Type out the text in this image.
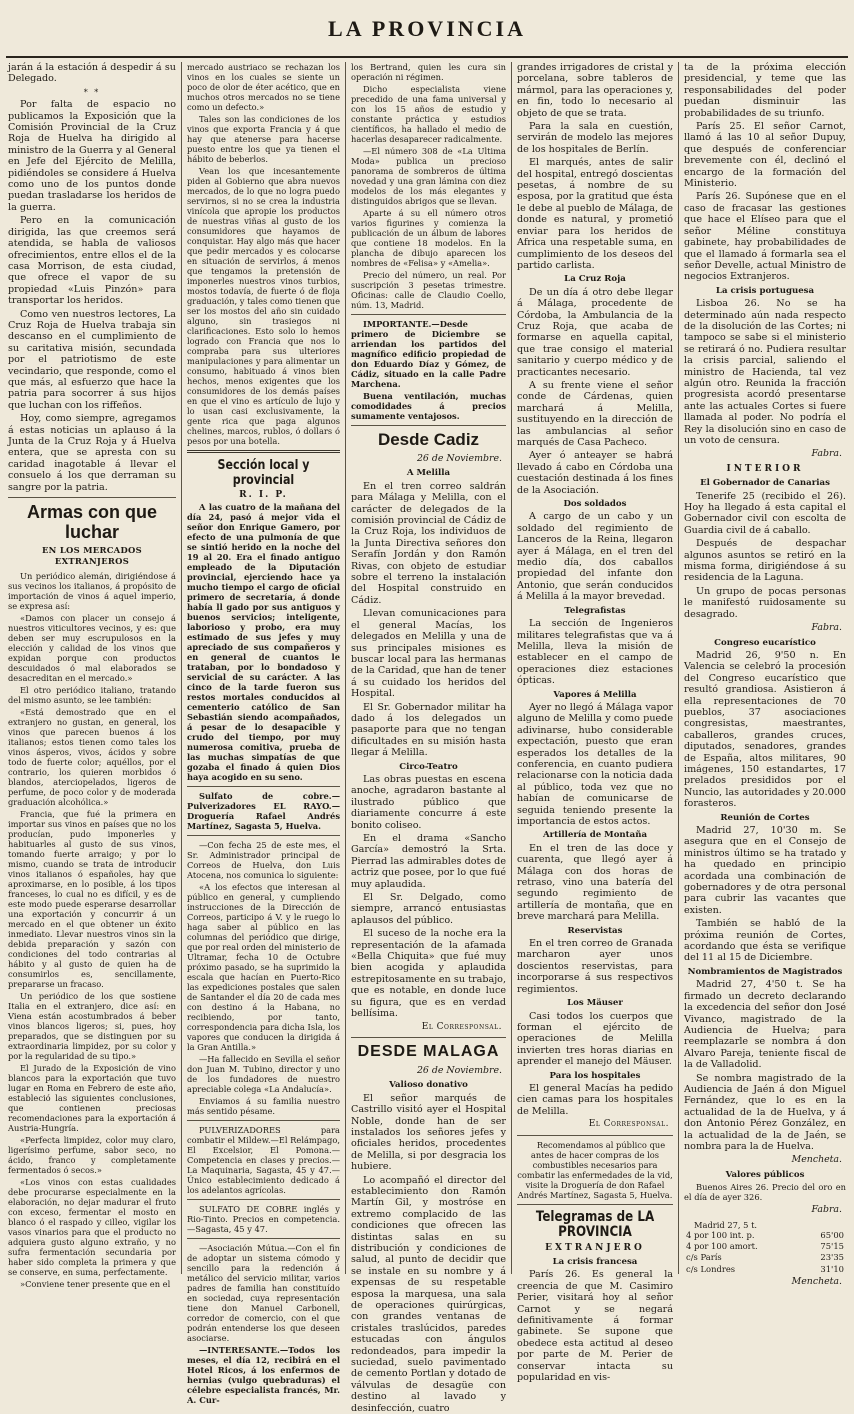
LA PROVINCIA

jarán á la estación á despedir á su Delegado.

* *

Por falta de espacio no publicamos la Exposición que la Comisión Provincial de la Cruz Roja de Huelva ha dirigido al ministro de la Guerra y al General en Jefe del Ejército de Melilla, pidiéndoles se considere á Huelva como uno de los puntos donde puedan trasladarse los heridos de la guerra.

Pero en la comunicación dirigida, las que creemos será atendida, se habla de valiosos ofrecimientos, entre ellos el de la casa Morrison, de esta ciudad, que ofrece el vapor de su propiedad «Luis Pinzón» para transportar los heridos.

Como ven nuestros lectores, La Cruz Roja de Huelva trabaja sin descanso en el cumplimiento de su caritativa misión, secundada por el patriotismo de este vecindario, que responde, como el que más, al esfuerzo que hace la patria para socorrer á sus hijos que luchan con los riffeños.

Hoy, como siempre, agregamos á estas noticias un aplauso á la Junta de la Cruz Roja y á Huelva entera, que se apresta con su caridad inagotable á llevar el consuelo á los que derraman su sangre por la patria.

Armas con que luchar
EN LOS MERCADOS EXTRANJEROS

Un periódico alemán, dirigiéndose á sus vecinos los italianos, á propósito de importación de vinos á aquel imperio, se expresa así:

«Damos con placer un consejo á nuestros viticultores vecinos, y es: que deben ser muy escrupulosos en la elección y calidad de los vinos que expidan porque con productos descuidados ó mal elaborados se desacreditan en el mercado.»

El otro periódico italiano, tratando del mismo asunto, se lee también:

«Está demostrado que en el extranjero no gustan, en general, los vinos que parecen buenos á los italianos; estos tienen como tales los vinos ásperos, vivos, ácidos y sobre todo de fuerte color; aquéllos, por el contrario, los quieren morbidos ó blandos, aterciopelados, ligeros de perfume, de poco color y de moderada graduación alcohólica.»

Francia, que fué la primera en importar sus vinos en países que no los producían, pudo imponerles y habituarles al gusto de sus vinos, tomando fuerte arraigo; y por lo mismo, cuando se trata de introducir vinos italianos ó españoles, hay que aproximarse, en lo posible, á los tipos franceses, lo cual no es difícil, y es de este modo puede esperarse desarrollar una exportación y concurrir á un mercado en el que obtener un éxito inmediato. Llevar nuestros vinos sin la debida preparación y sazón con condiciones del todo contrarias al hábito y al gusto de quien ha de consumirlos es, sencillamente, prepararse un fracaso.

Un periódico de los que sostiene Italia en el extranjero, dice así: en Viena están acostumbrados á beber vinos blancos ligeros; si, pues, hoy preparados, que se distinguen por su extraordinaria limpidez, por su color y por la regularidad de su tipo.»

El Jurado de la Exposición de vino blancos para la exportación que tuvo lugar en Roma en Febrero de este año, estableció las siguientes conclusiones, que contienen preciosas recomendaciones para la exportación á Austria-Hungría.

«Perfecta limpidez, color muy claro, ligerísimo perfume, sabor seco, no ácido, franco y completamente fermentados ó secos.»

«Los vinos con estas cualidades debe procurarse especialmente en la elaboración, no dejar madurar el fruto con exceso, fermentar el mosto en blanco ó el raspado y cilleo, vigilar los vasos vinarios para que el producto no adquiera gusto alguno extraño, y no sufra fermentación secundaria por haber sido completa la primera y que se conserve, en suma, perfectamente.

»Conviene tener presente que en el

mercado austriaco se rechazan los vinos en los cuales se siente un poco de olor de éter acético, que en muchos otros mercados no se tiene como un defecto.»

Tales son las condiciones de los vinos que exporta Francia y á que hay que atenerse para hacerse puesto entre los que ya tienen el hábito de beberlos.

Vean los que incesantemente piden al Gobierno que abra nuevos mercados, de lo que no logra puedo servirnos, si no se crea la industria vinícola que apropie los productos de nuestras viñas al gusto de los consumidores que hayamos de conquistar. Hay algo más que hacer que pedir mercados y es colocarse en situación de servirlos, á menos que tengamos la pretensión de imponerles nuestros vinos turbios, mostos todavía, de fuerte ó de floja graduación, y tales como tienen que ser los mostos del año sin cuidado alguno, sin trasiegos ni clarificaciones. Esto solo lo hemos logrado con Francia que nos lo compraba para sus ulteriores manipulaciones y para alimentar un consumo, habituado á vinos bien hechos, menos exigentes que los consumidores de los demás países en que el vino es artículo de lujo y lo usan casi exclusivamente, la gente rica que paga algunos chelines, marcos, rublos, ó dollars ó pesos por una botella.

Sección local y provincial
R. I. P.

A las cuatro de la mañana del día 24, pasó á mejor vida el señor don Enrique Gamero, por efecto de una pulmonía de que se sintió herido en la noche del 19 al 20. Era el finado antiguo empleado de la Diputación provincial, ejerciendo hace ya mucho tiempo el cargo de oficial primero de secretaría, á donde había ll gado por sus antiguos y buenos servicios; inteligente, laborioso y probo, era muy estimado de sus jefes y muy apreciado de sus compañeros y en general de cuantos le trataban, por lo bondadoso y servicial de su carácter. A las cinco de la tarde fueron sus restos mortales conducidos al cementerio católico de San Sebastián siendo acompañados, á pesar de lo desapacible y crudo del tiempo, por muy numerosa comitiva, prueba de las muchas simpatías de que gozaba el finado á quien Dios haya acogido en su seno.

Sulfato de cobre.—Pulverizadores EL RAYO.—Droguería Rafael Andrés Martínez, Sagasta 5, Huelva.

—Con fecha 25 de este mes, el Sr. Administrador principal de Correos de Huelva, don Luis Atocena, nos comunica lo siguiente:

«A los efectos que interesan al público en general, y cumpliendo instrucciones de la Dirección de Correos, participo á V. y le ruego lo haga saber al público en las columnas del periódico que dirige, que por real orden del ministerio de Ultramar, fecha 10 de Octubre próximo pasado, se ha suprimido la escala que hacían en Puerto-Rico las expediciones postales que salen de Santander el día 20 de cada mes con destino á la Habana, no recibiendo, por tanto, correspondencia para dicha Isla, los vapores que conducen la dirigida á la Gran Antilla.»

—Ha fallecido en Sevilla el señor don Juan M. Tubino, director y uno de los fundadores de nuestro apreciable colega «La Andalucía».

Enviamos á su familia nuestro más sentido pésame.

PULVERIZADORES para combatir el Mildew.—El Relámpago, El Excelsior, El Pomona.—Competencia en clases y precios.—La Maquinaria, Sagasta, 45 y 47.—Único establecimiento dedicado á los adelantos agrícolas.

SULFATO DE COBRE inglés y Rio-Tinto. Precios en competencia.—Sagasta, 45 y 47.

—Asociación Mútua.—Con el fin de adoptar un sistema cómodo y sencillo para la redención á metálico del servicio militar, varios padres de familia han constituído en sociedad, cuya representación tiene don Manuel Carbonell, corredor de comercio, con el que podrán entenderse los que deseen asociarse.

—INTERESANTE.—Todos los meses, el día 12, recibirá en el Hotel Ricos, á los enfermos de hernias (vulgo quebraduras) el célebre especialista francés, Mr. A. Cur-

los Bertrand, quien les cura sin operación ni régimen.

Dicho especialista viene precedido de una fama universal y con los 15 años de estudio y constante práctica y estudios científicos, ha hallado el medio de hacerlas desaparecer radicalmente.

—El número 308 de «La Ultima Moda» publica un precioso panorama de sombreros de última novedad y una gran lámina con diez modelos de los más elegantes y distinguidos abrigos que se llevan.

Aparte á su ell número otros varios figurines y comienza la publicación de un álbum de labores que contiene 18 modelos. En la plancha de dibujo aparecen los nombres de «Felisa» y «Amelia».

Precio del número, un real. Por suscripción 3 pesetas trimestre. Oficinas: calle de Claudio Coello, núm. 13, Madrid.

IMPORTANTE.—Desde primero de Diciembre se arriendan los partidos del magnífico edificio propiedad de don Eduardo Díaz y Gómez, de Cádiz, situado en la calle Padre Marchena.

Buena ventilación, muchas comodidades á precios sumamente ventajosos.

Desde Cadiz
26 de Noviembre.
A Melilla

En el tren correo saldrán para Málaga y Melilla, con el carácter de delegados de la comisión provincial de Cádiz de la Cruz Roja, los individuos de la Junta Directiva señores don Serafín Jordán y don Ramón Rivas, con objeto de estudiar sobre el terreno la instalación del Hospital construido en Cádiz.

Llevan comunicaciones para el general Macías, los delegados en Melilla y una de sus principales misiones es buscar local para las hermanas de la Caridad, que han de tener á su cuidado los heridos del Hospital.

El Sr. Gobernador militar ha dado á los delegados un pasaporte para que no tengan dificultades en su misión hasta llegar á Melilla.

Circo-Teatro

Las obras puestas en escena anoche, agradaron bastante al ilustrado público que diariamente concurre á este bonito coliseo.

En el drama «Sancho García» demostró la Srta. Pierrad las admirables dotes de actriz que posee, por lo que fué muy aplaudida.

El Sr. Delgado, como siempre, arrancó entusiastas aplausos del público.

El suceso de la noche era la representación de la afamada «Bella Chiquita» que fué muy bien acogida y aplaudida estrepitosamente en su trabajo, que es notable, en donde luce su figura, que es en verdad bellísima.

El Corresponsal.
DESDE MALAGA
26 de Noviembre.
Valioso donativo

El señor marqués de Castrillo visitó ayer el Hospital Noble, donde han de ser instalados los señores jefes y oficiales heridos, procedentes de Melilla, si por desgracia los hubiere.

Lo acompañó el director del establecimiento don Ramón Martín Gil, y mostróse en extremo complacido de las condiciones que ofrecen las distintas salas en su distribución y condiciones de salud, al punto de decidir que se instale en su nombre y á expensas de su respetable esposa la marquesa, una sala de operaciones quirúrgicas, con grandes ventanas de cristales traslúcidos, paredes estucadas con ángulos redondeados, para impedir la suciedad, suelo pavimentado de cemento Portlan y dotado de válvulas de desagüe con destino al lavado y desinfección, cuatro

grandes irrigadores de cristal y porcelana, sobre tableros de mármol, para las operaciones y, en fin, todo lo necesario al objeto de que se trata.

Para la sala en cuestión, servirán de modelo las mejores de los hospitales de Berlín.

El marqués, antes de salir del hospital, entregó doscientas pesetas, á nombre de su esposa, por la gratitud que ésta le debe al pueblo de Málaga, de donde es natural, y prometió enviar para los heridos de Africa una respetable suma, en cumplimiento de los deseos del partido carlista.

La Cruz Roja

De un día á otro debe llegar á Málaga, procedente de Córdoba, la Ambulancia de la Cruz Roja, que acaba de formarse en aquella capital, que trae consigo el material sanitario y cuerpo médico y de practicantes necesario.

A su frente viene el señor conde de Cárdenas, quien marchará á Melilla, sustituyendo en la dirección de las ambulancias al señor marqués de Casa Pacheco.

Ayer ó anteayer se habrá llevado á cabo en Córdoba una cuestación destinada á los fines de la Asociación.

Dos soldados

A cargo de un cabo y un soldado del regimiento de Lanceros de la Reina, llegaron ayer á Málaga, en el tren del medio día, dos caballos propiedad del infante don Antonio, que serán conducidos á Melilla á la mayor brevedad.

Telegrafistas

La sección de Ingenieros militares telegrafistas que va á Melilla, lleva la misión de establecer en el campo de operaciones diez estaciones ópticas.

Vapores á Melilla

Ayer no llegó á Málaga vapor alguno de Melilla y como puede adivinarse, hubo considerable expectación, puesto que eran esperados los detalles de la conferencia, en cuanto pudiera relacionarse con la noticia dada al público, toda vez que no habían de comunicarse de seguida teniendo presente la importancia de estos actos.

Artillería de Montaña

En el tren de las doce y cuarenta, que llegó ayer á Málaga con dos horas de retraso, vino una batería del segundo regimiento de artillería de montaña, que en breve marchará para Melilla.

Reservistas

En el tren correo de Granada marcharon ayer unos doscientos reservistas, para incorporarse á sus respectivos regimientos.

Los Mäuser

Casi todos los cuerpos que forman el ejército de operaciones de Melilla invierten tres horas diarias en aprender el manejo del Mäuser.

Para los hospitales

El general Macías ha pedido cien camas para los hospitales de Melilla.

El Corresponsal.

Recomendamos al público que antes de hacer compras de los combustibles necesarios para combatir las enfermedades de la vid, visite la Droguería de don Rafael Andrés Martínez, Sagasta 5, Huelva.

Telegramas de LA PROVINCIA
EXTRANJERO
La crisis francesa

París 26. Es general la creencia de que M. Casimiro Perier, visitará hoy al señor Carnot y se negará definitivamente á formar gabinete. Se supone que obedece esta actitud al deseo por parte de M. Perier de conservar intacta su popularidad en vis-

ta de la próxima elección presidencial, y teme que las responsabilidades del poder puedan disminuir las probabilidades de su triunfo.

París 25. El señor Carnot, llamó á las 10 al señor Dupuy, que después de conferenciar brevemente con él, declinó el encargo de la formación del Ministerio.

París 26. Supónese que en el caso de fracasar las gestiones que hace el Elíseo para que el señor Méline constituya gabinete, hay probabilidades de que el llamado á formarla sea el señor Develle, actual Ministro de negocios Extranjeros.

La crisis portuguesa

Lisboa 26. No se ha determinado aún nada respecto de la disolución de las Cortes; ni tampoco se sabe si el ministerio se retirará ó no. Pudiera resultar la crisis parcial, saliendo el ministro de Hacienda, tal vez algún otro. Reunida la fracción progresista acordó presentarse ante las actuales Cortes si fuere llamada al poder. No podría el Rey la disolución sino en caso de un voto de censura.

Fabra.
INTERIOR
El Gobernador de Canarias

Tenerife 25 (recibido el 26). Hoy ha llegado á esta capital el Gobernador civil con escolta de Guardia civil de á caballo.

Después de despachar algunos asuntos se retiró en la misma forma, dirigiéndose á su residencia de la Laguna.

Un grupo de pocas personas le manifestó ruidosamente su desagrado.

Fabra.
Congreso eucarístico

Madrid 26, 9'50 n. En Valencia se celebró la procesión del Congreso eucarístico que resultó grandiosa. Asistieron á ella representaciones de 70 pueblos, 37 asociaciones congresistas, maestrantes, caballeros, grandes cruces, diputados, senadores, grandes de España, altos militares, 90 imágenes, 150 estandartes, 17 prelados presididos por el Nuncio, las autoridades y 20.000 forasteros.

Reunión de Cortes

Madrid 27, 10'30 m. Se asegura que en el Consejo de ministros último se ha tratado y ha quedado en principio acordada una combinación de gobernadores y de otra personal para cubrir las vacantes que existen.

También se habló de la próxima reunión de Cortes, acordando que ésta se verifique del 11 al 15 de Diciembre.

Nombramientos de Magistrados

Madrid 27, 4'50 t. Se ha firmado un decreto declarando la excedencia del señor don José Vivanco, magistrado de la Audiencia de Huelva; para reemplazarle se nombra á don Alvaro Pareja, teniente fiscal de la de Valladolid.

Se nombra magistrado de la Audiencia de Jaén á don Miguel Fernández, que lo es en la actualidad de la de Huelva, y á don Antonio Pérez González, en la actualidad de la de Jaén, se nombra para la de Huelva.

Mencheta.
Valores públicos

Buenos Aires 26. Precio del oro en el día de ayer 326.

Fabra.
Madrid 27, 5 t.
4 por 100 int. p.	65'00
4 por 100 amort.	75'15
c/s París	23'35
c/s Londres	31'10
Mencheta.
